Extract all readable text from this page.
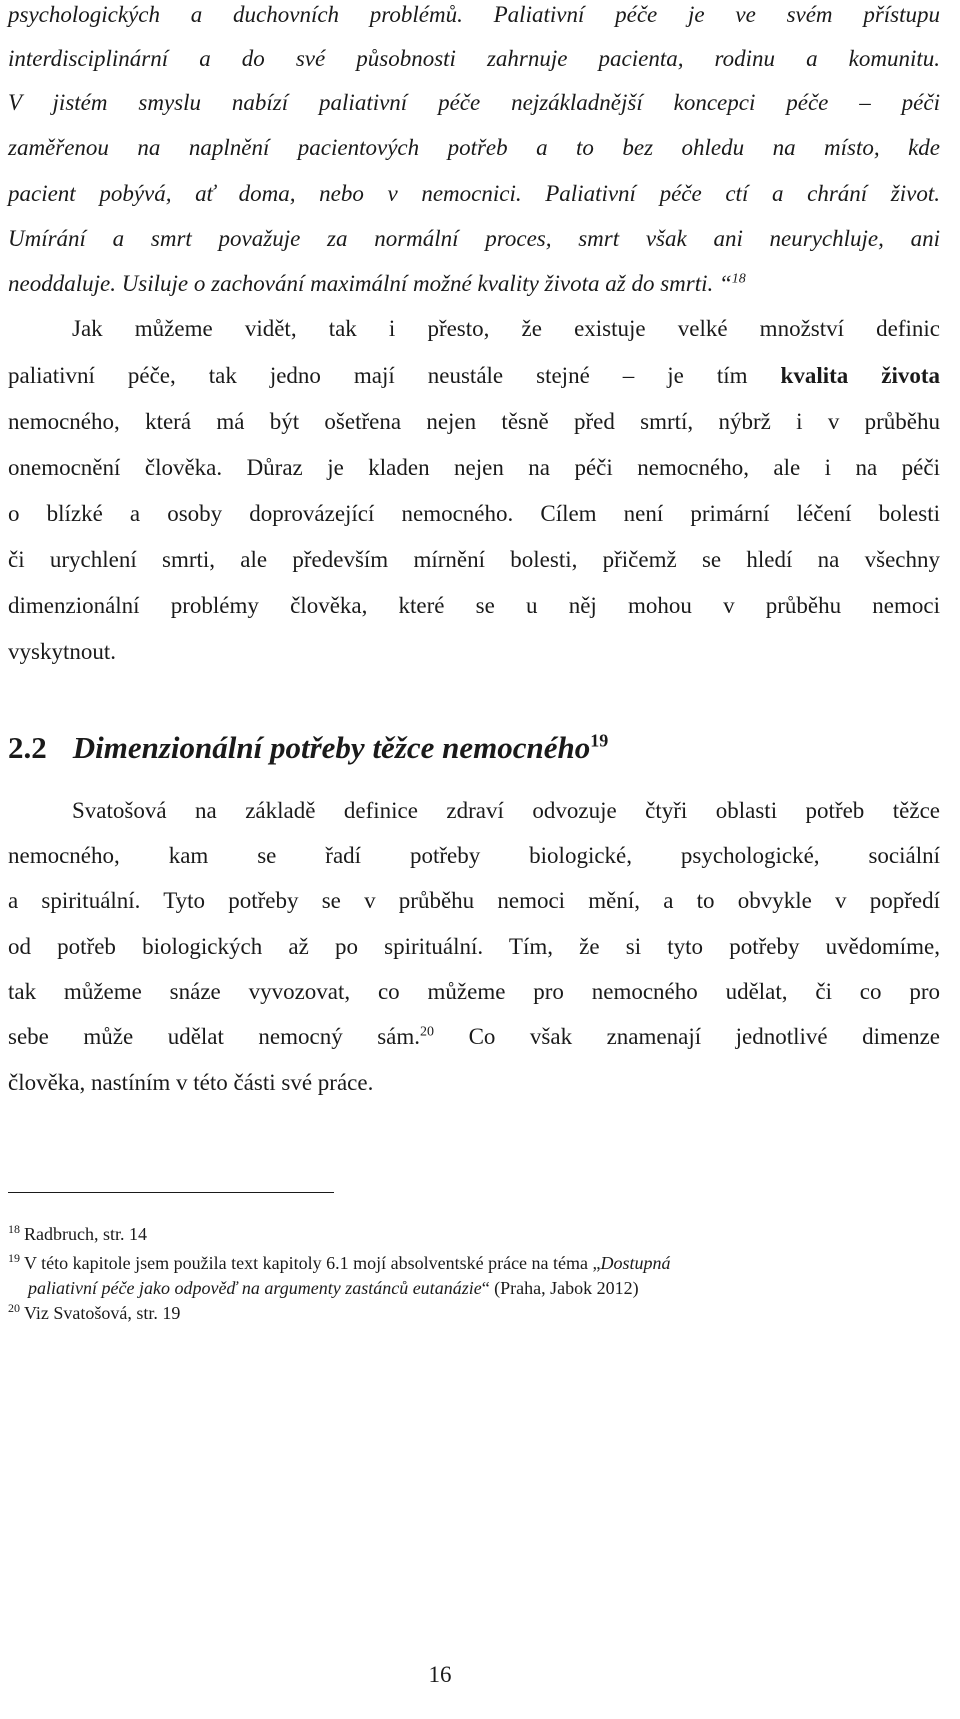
psychologických a duchovních problémů. Paliativní péče je ve svém přístupu
interdisciplinární a do své působnosti zahrnuje pacienta, rodinu a komunitu.
V jistém smyslu nabízí paliativní péče nejzákladnější koncepci péče – péči
zaměřenou na naplnění pacientových potřeb a to bez ohledu na místo, kde
pacient pobývá, ať doma, nebo v nemocnici. Paliativní péče ctí a chrání život.
Umírání a smrt považuje za normální proces, smrt však ani neurychluje, ani
neoddaluje. Usiluje o zachování maximální možné kvality života až do smrti. “$^{18}$
Jak můžeme vidět, tak i přesto, že existuje velké množství definic
paliativní péče, tak jedno mají neustále stejné – je tím kvalita života
nemocného, která má být ošetřena nejen těsně před smrtí, nýbrž i v průběhu
onemocnění člověka. Důraz je kladen nejen na péči nemocného, ale i na péči
o blízké a osoby doprovázející nemocného. Cílem není primární léčení bolesti
či urychlení smrti, ale především mírnění bolesti, přičemž se hledí na všechny
dimenzionální problémy člověka, které se u něj mohou v průběhu nemoci
vyskytnout.
2.2 Dimenzionální potřeby těžce nemocného$^{19}$
Svatošová na základě definice zdraví odvozuje čtyři oblasti potřeb těžce
nemocného, kam se řadí potřeby biologické, psychologické, sociální
a spirituální. Tyto potřeby se v průběhu nemoci mění, a to obvykle v popředí
od potřeb biologických až po spirituální. Tím, že si tyto potřeby uvědomíme,
tak můžeme snáze vyvozovat, co můžeme pro nemocného udělat, či co pro
sebe může udělat nemocný sám.$^{20}$ Co však znamenají jednotlivé dimenze
člověka, nastíním v této části své práce.
$^{18}$ Radbruch, str. 14
$^{19}$ V této kapitole jsem použila text kapitoly 6.1 mojí absolventské práce na téma „Dostupná
paliativní péče jako odpověď na argumenty zastánců eutanázie“ (Praha, Jabok 2012)
$^{20}$ Viz Svatošová, str. 19
16
